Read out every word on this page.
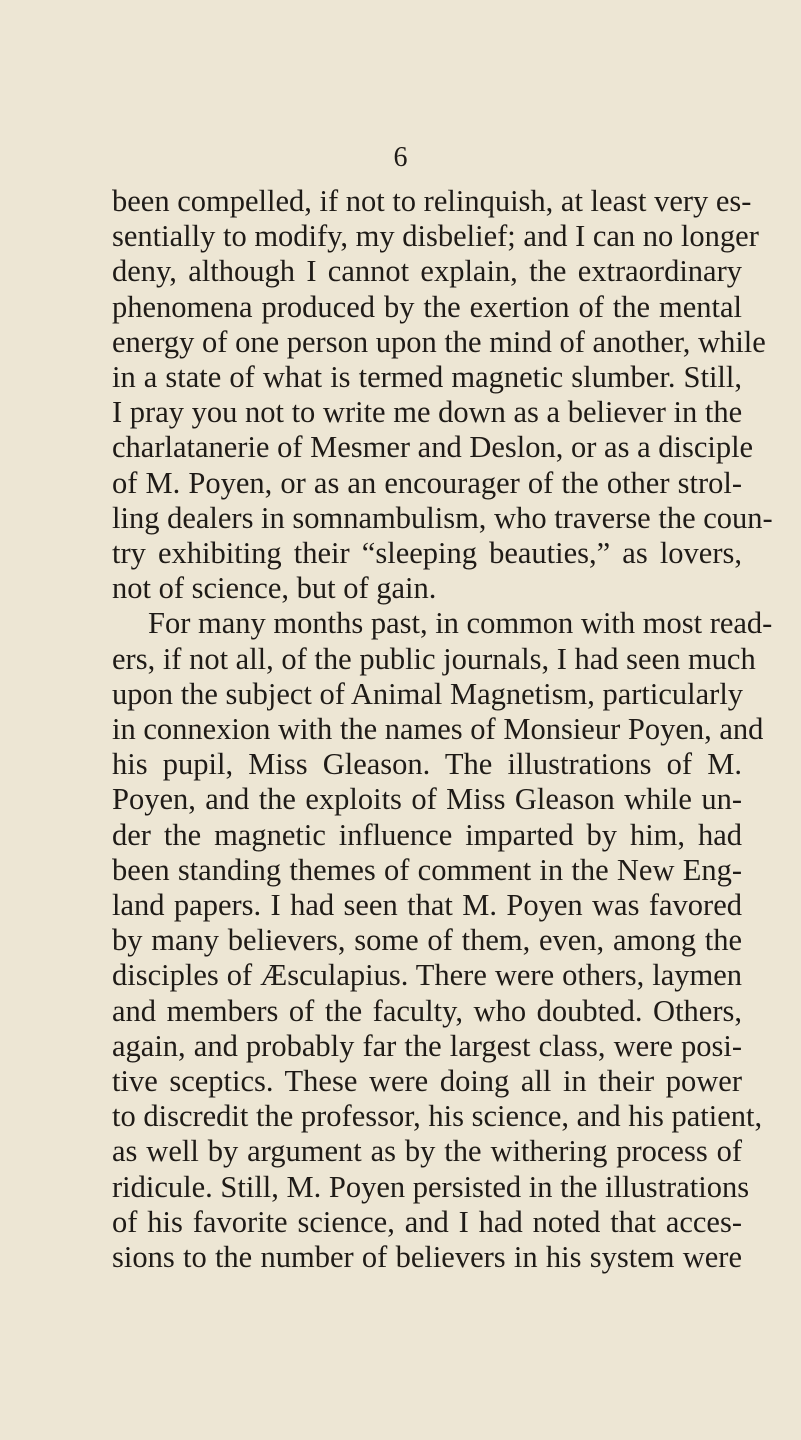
6
been compelled, if not to relinquish, at least very es-
sentially to modify, my disbelief; and I can no longer
deny, although I cannot explain, the extraordinary
phenomena produced by the exertion of the mental
energy of one person upon the mind of another, while
in a state of what is termed magnetic slumber. Still,
I pray you not to write me down as a believer in the
charlatanerie of Mesmer and Deslon, or as a disciple
of M. Poyen, or as an encourager of the other strol-
ling dealers in somnambulism, who traverse the coun-
try exhibiting their “sleeping beauties,” as lovers,
not of science, but of gain.
For many months past, in common with most read-
ers, if not all, of the public journals, I had seen much
upon the subject of Animal Magnetism, particularly
in connexion with the names of Monsieur Poyen, and
his pupil, Miss Gleason. The illustrations of M.
Poyen, and the exploits of Miss Gleason while un-
der the magnetic influence imparted by him, had
been standing themes of comment in the New Eng-
land papers. I had seen that M. Poyen was favored
by many believers, some of them, even, among the
disciples of Æsculapius. There were others, laymen
and members of the faculty, who doubted. Others,
again, and probably far the largest class, were posi-
tive sceptics. These were doing all in their power
to discredit the professor, his science, and his patient,
as well by argument as by the withering process of
ridicule. Still, M. Poyen persisted in the illustrations
of his favorite science, and I had noted that acces-
sions to the number of believers in his system were
